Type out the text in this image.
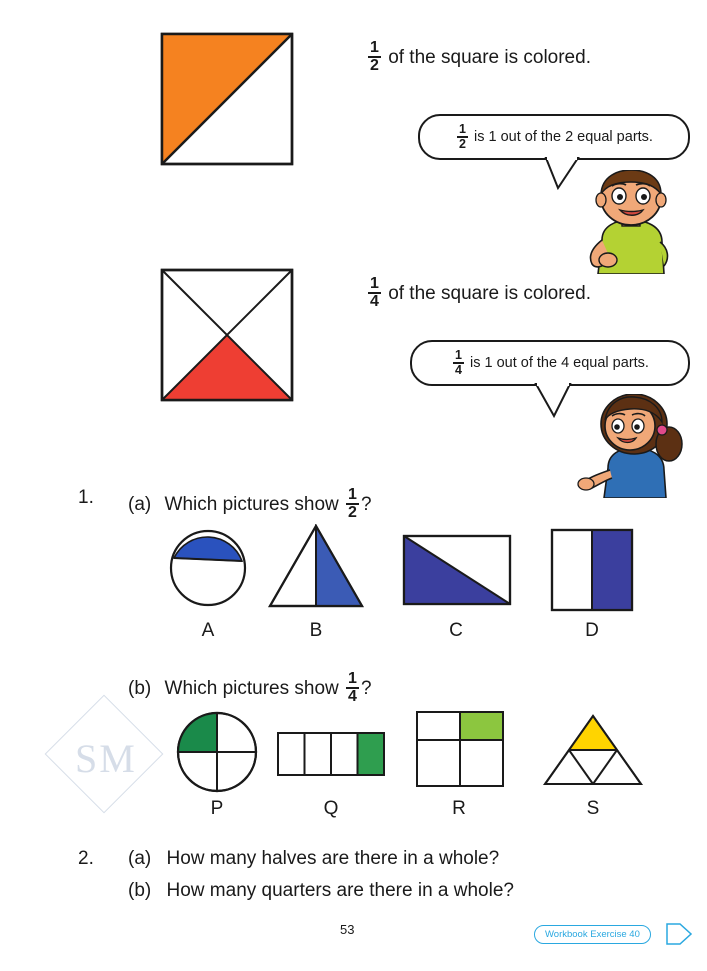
SM
$\frac{1}{2}$ of the square is colored.
$\frac{1}{2}$ is 1 out of the 2 equal parts.
$\frac{1}{4}$ of the square is colored.
$\frac{1}{4}$ is 1 out of the 4 equal parts.
1. (a) Which pictures show $\frac{1}{2}$ ?
A	B	C	D
(b) Which pictures show $\frac{1}{4}$ ?
P	Q	R	S
2. (a) How many halves are there in a whole?
(b) How many quarters are there in a whole?
53	Workbook Exercise 40
